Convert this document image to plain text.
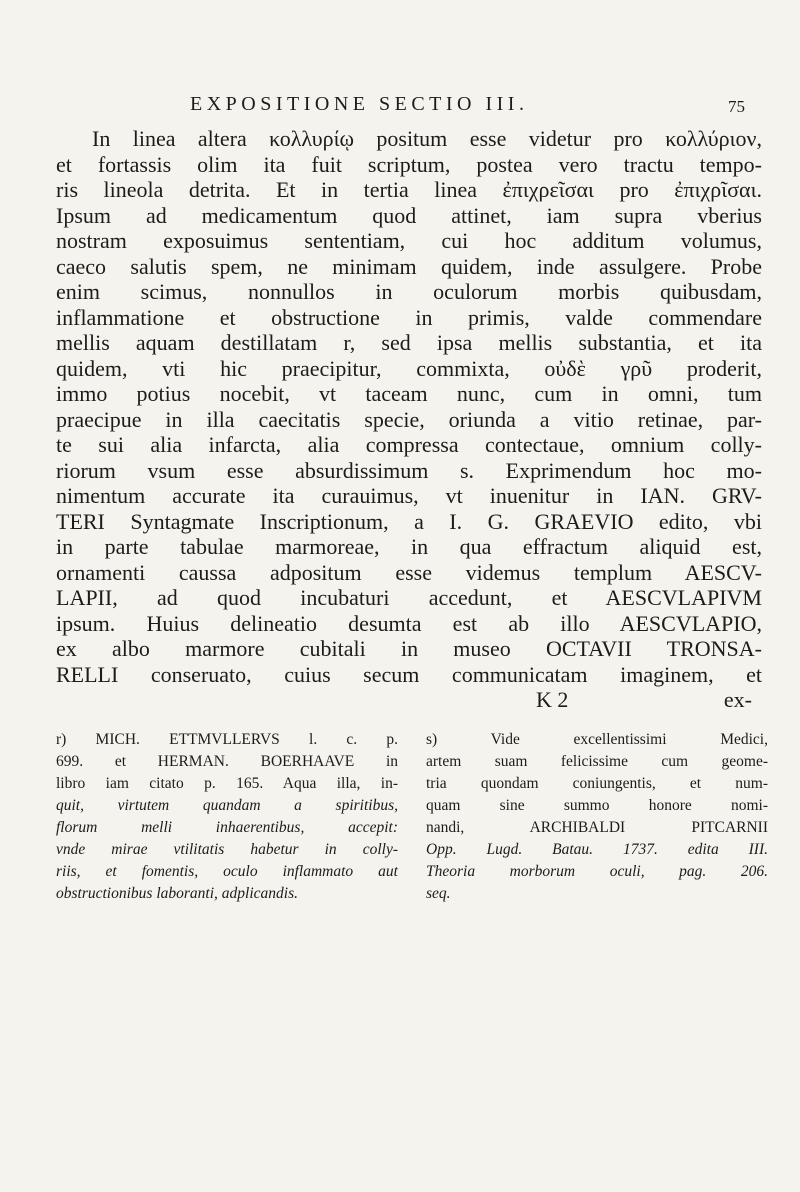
EXPOSITIONE SECTIO III.	75
In linea altera κολλυρίῳ positum esse videtur pro κολλύριον,
et fortassis olim ita fuit scriptum, postea vero tractu tempo-
ris lineola detrita. Et in tertia linea ἐπιχρεῖσαι pro ἐπιχρῖσαι.
Ipsum ad medicamentum quod attinet, iam supra vberius
nostram exposuimus sententiam, cui hoc additum volumus,
caeco salutis spem, ne minimam quidem, inde assulgere. Probe
enim scimus, nonnullos in oculorum morbis quibusdam,
inflammatione et obstructione in primis, valde commendare
mellis aquam destillatam r, sed ipsa mellis substantia, et ita
quidem, vti hic praecipitur, commixta, οὐδὲ γρῦ proderit,
immo potius nocebit, vt taceam nunc, cum in omni, tum
praecipue in illa caecitatis specie, oriunda a vitio retinae, par-
te sui alia infarcta, alia compressa contectaue, omnium colly-
riorum vsum esse absurdissimum s. Exprimendum hoc mo-
nimentum accurate ita curauimus, vt inuenitur in IAN. GRV-
TERI Syntagmate Inscriptionum, a I. G. GRAEVIO edito, vbi
in parte tabulae marmoreae, in qua effractum aliquid est,
ornamenti caussa adpositum esse videmus templum AESCV-
LAPII, ad quod incubaturi accedunt, et AESCVLAPIVM
ipsum. Huius delineatio desumta est ab illo AESCVLAPIO,
ex albo marmore cubitali in museo OCTAVII TRONSA-
RELLI conseruato, cuius secum communicatam imaginem, et
K 2	ex-
r) MICH. ETTMVLLERVS l. c. p.
699. et HERMAN. BOERHAAVE in
libro iam citato p. 165. Aqua illa, in-
quit, virtutem quandam a spiritibus,
florum melli inhaerentibus, accepit:
vnde mirae vtilitatis habetur in colly-
riis, et fomentis, oculo inflammato aut
obstructionibus laboranti, adplicandis.
s) Vide excellentissimi Medici,
artem suam felicissime cum geome-
tria quondam coniungentis, et num-
quam sine summo honore nomi-
nandi, ARCHIBALDI PITCARNII
Opp. Lugd. Batau. 1737. edita III.
Theoria morborum oculi, pag. 206.
seq.
